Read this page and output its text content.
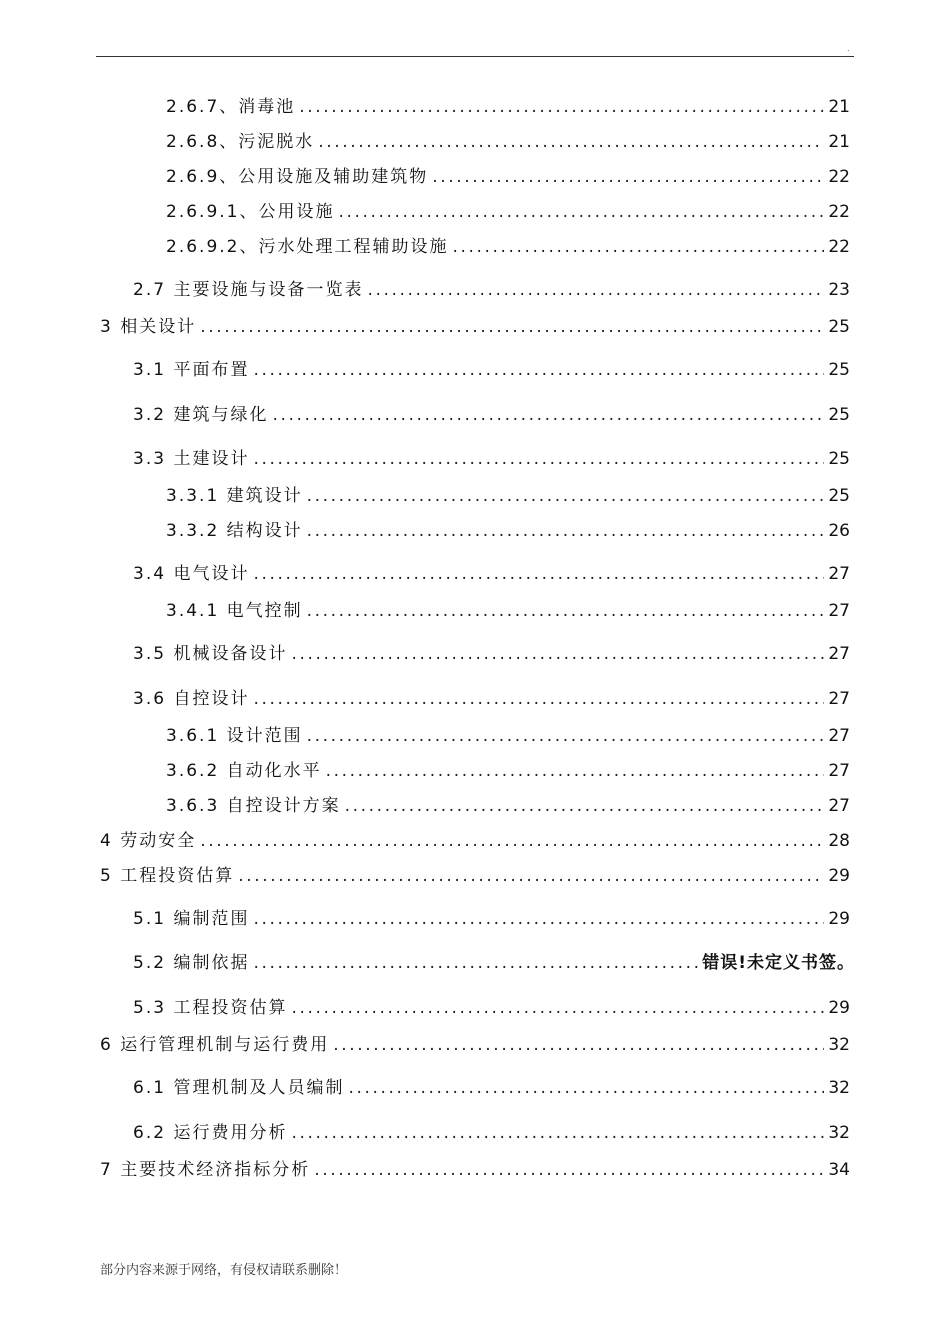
.
2.6.7、消毒池 .....	21
2.6.8、污泥脱水 .....	21
2.6.9、公用设施及辅助建筑物 .....	22
2.6.9.1、公用设施 .....	22
2.6.9.2、污水处理工程辅助设施 .....	22
2.7 主要设施与设备一览表 .....	23
3 相关设计 .....	25
3.1 平面布置 .....	25
3.2 建筑与绿化 .....	25
3.3 土建设计 .....	25
3.3.1 建筑设计 .....	25
3.3.2 结构设计 .....	26
3.4 电气设计 .....	27
3.4.1 电气控制 .....	27
3.5 机械设备设计 .....	27
3.6 自控设计 .....	27
3.6.1 设计范围 .....	27
3.6.2 自动化水平 .....	27
3.6.3 自控设计方案 .....	27
4 劳动安全 .....	28
5 工程投资估算 .....	29
5.1 编制范围 .....	29
5.2 编制依据 .....	错误!未定义书签。
5.3 工程投资估算 .....	29
6 运行管理机制与运行费用 .....	32
6.1 管理机制及人员编制 .....	32
6.2 运行费用分析 .....	32
7 主要技术经济指标分析 .....	34
部分内容来源于网络，有侵权请联系删除！
